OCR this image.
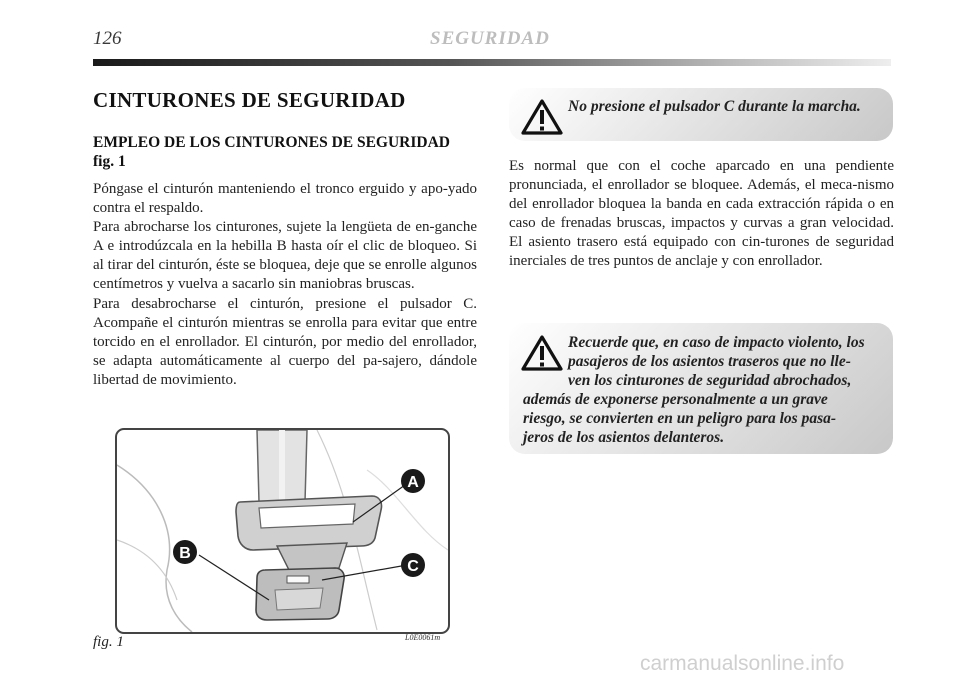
126	SEGURIDAD
CINTURONES DE SEGURIDAD
EMPLEO DE LOS CINTURONES DE SEGURIDAD
fig. 1

Póngase el cinturón manteniendo el tronco erguido y apo-yado contra el respaldo.

Para abrocharse los cinturones, sujete la lengüeta de en-ganche A e introdúzcala en la hebilla B hasta oír el clic de bloqueo. Si al tirar del cinturón, éste se bloquea, deje que se enrolle algunos centímetros y vuelva a sacarlo sin maniobras bruscas.

Para desabrocharse el cinturón, presione el pulsador C. Acompañe el cinturón mientras se enrolla para evitar que entre torcido en el enrollador. El cinturón, por medio del enrollador, se adapta automáticamente al cuerpo del pa-sajero, dándole libertad de movimiento.

No presione el pulsador C durante la marcha.

Es normal que con el coche aparcado en una pendiente pronunciada, el enrollador se bloquee. Además, el meca-nismo del enrollador bloquea la banda en cada extracción rápida o en caso de frenadas bruscas, impactos y curvas a gran velocidad. El asiento trasero está equipado con cin-turones de seguridad inerciales de tres puntos de anclaje y con enrollador.

Recuerde que, en caso de impacto violento, los
pasajeros de los asientos traseros que no lle-
ven los cinturones de seguridad abrochados,
además de exponerse personalmente a un grave
riesgo, se convierten en un peligro para los pasa-
jeros de los asientos delanteros.
A
B
C
fig. 1	L0E0061m
carmanualsonline.info
